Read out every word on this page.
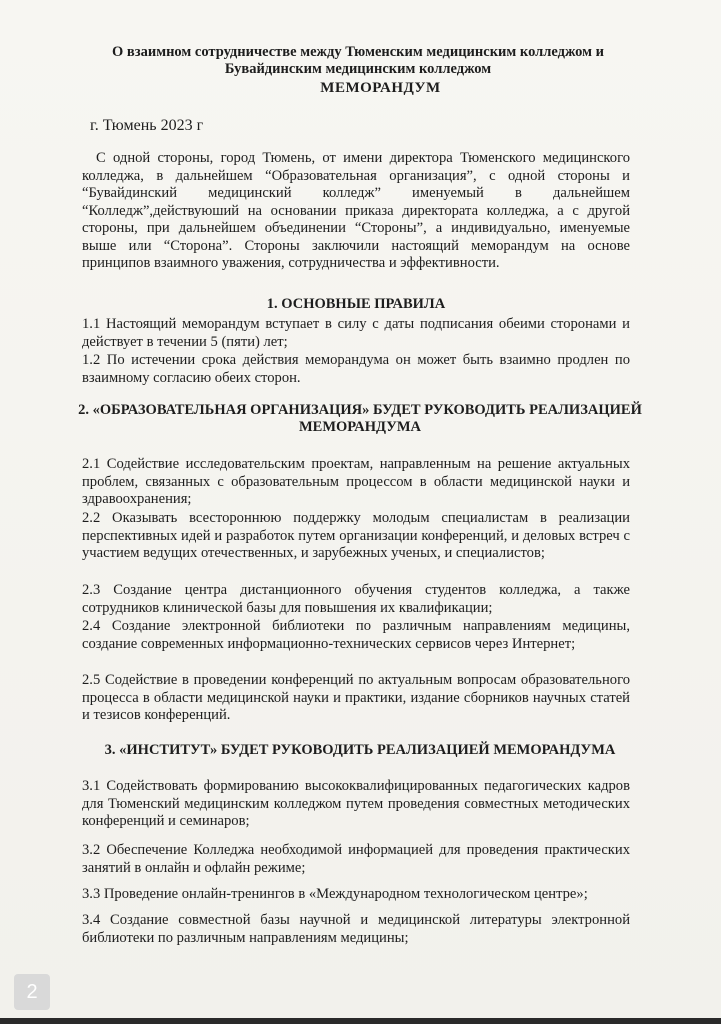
О взаимном сотрудничестве между Тюменским медицинским колледжом и
Бувайдинским медицинским колледжом
МЕМОРАНДУМ
г. Тюмень 2023 г

С одной стороны, город Тюмень, от имени директора Тюменского медицинского колледжа, в дальнейшем “Образовательная организация”, с одной стороны и “Бувайдинский медицинский колледж” именуемый в дальнейшем “Колледж”,действуюший на основании приказа директората колледжа, а с другой стороны, при дальнейшем объединении “Стороны”, а индивидуально, именуемые выше или “Сторона”. Стороны заключили настоящий меморандум на основе принципов взаимного уважения, сотрудничества и эффективности.

1. ОСНОВНЫЕ ПРАВИЛА

1.1 Настоящий меморандум вступает в силу с даты подписания обеими сторонами и действует в течении 5 (пяти) лет;

1.2 По истечении срока действия меморандума он может быть взаимно продлен по взаимному согласию обеих сторон.

2. «ОБРАЗОВАТЕЛЬНАЯ ОРГАНИЗАЦИЯ» БУДЕТ РУКОВОДИТЬ РЕАЛИЗАЦИЕЙ
МЕМОРАНДУМА

2.1 Содействие исследовательским проектам, направленным на решение актуальных проблем, связанных с образовательным процессом в области медицинской науки и здравоохранения;

2.2 Оказывать всестороннюю поддержку молодым специалистам в реализации перспективных идей и разработок путем организации конференций, и деловых встреч с участием ведущих отечественных, и зарубежных ученых, и специалистов;

2.3 Создание центра дистанционного обучения студентов колледжа, а также сотрудников клинической базы для повышения их квалификации;

2.4 Создание электронной библиотеки по различным направлениям медицины, создание современных информационно-технических сервисов через Интернет;

2.5 Содействие в проведении конференций по актуальным вопросам образовательного процесса в области медицинской науки и практики, издание сборников научных статей и тезисов конференций.

3. «ИНСТИТУТ» БУДЕТ РУКОВОДИТЬ РЕАЛИЗАЦИЕЙ МЕМОРАНДУМА

3.1 Содействовать формированию высококвалифицированных педагогических кадров для Тюменский медицинским колледжом путем проведения совместных методических конференций и семинаров;

3.2 Обеспечение Колледжа необходимой информацией для проведения практических занятий в онлайн и офлайн режиме;

3.3 Проведение онлайн-тренингов в «Международном технологическом центре»;

3.4 Создание совместной базы научной и медицинской литературы электронной библиотеки по различным направлениям медицины;

2
